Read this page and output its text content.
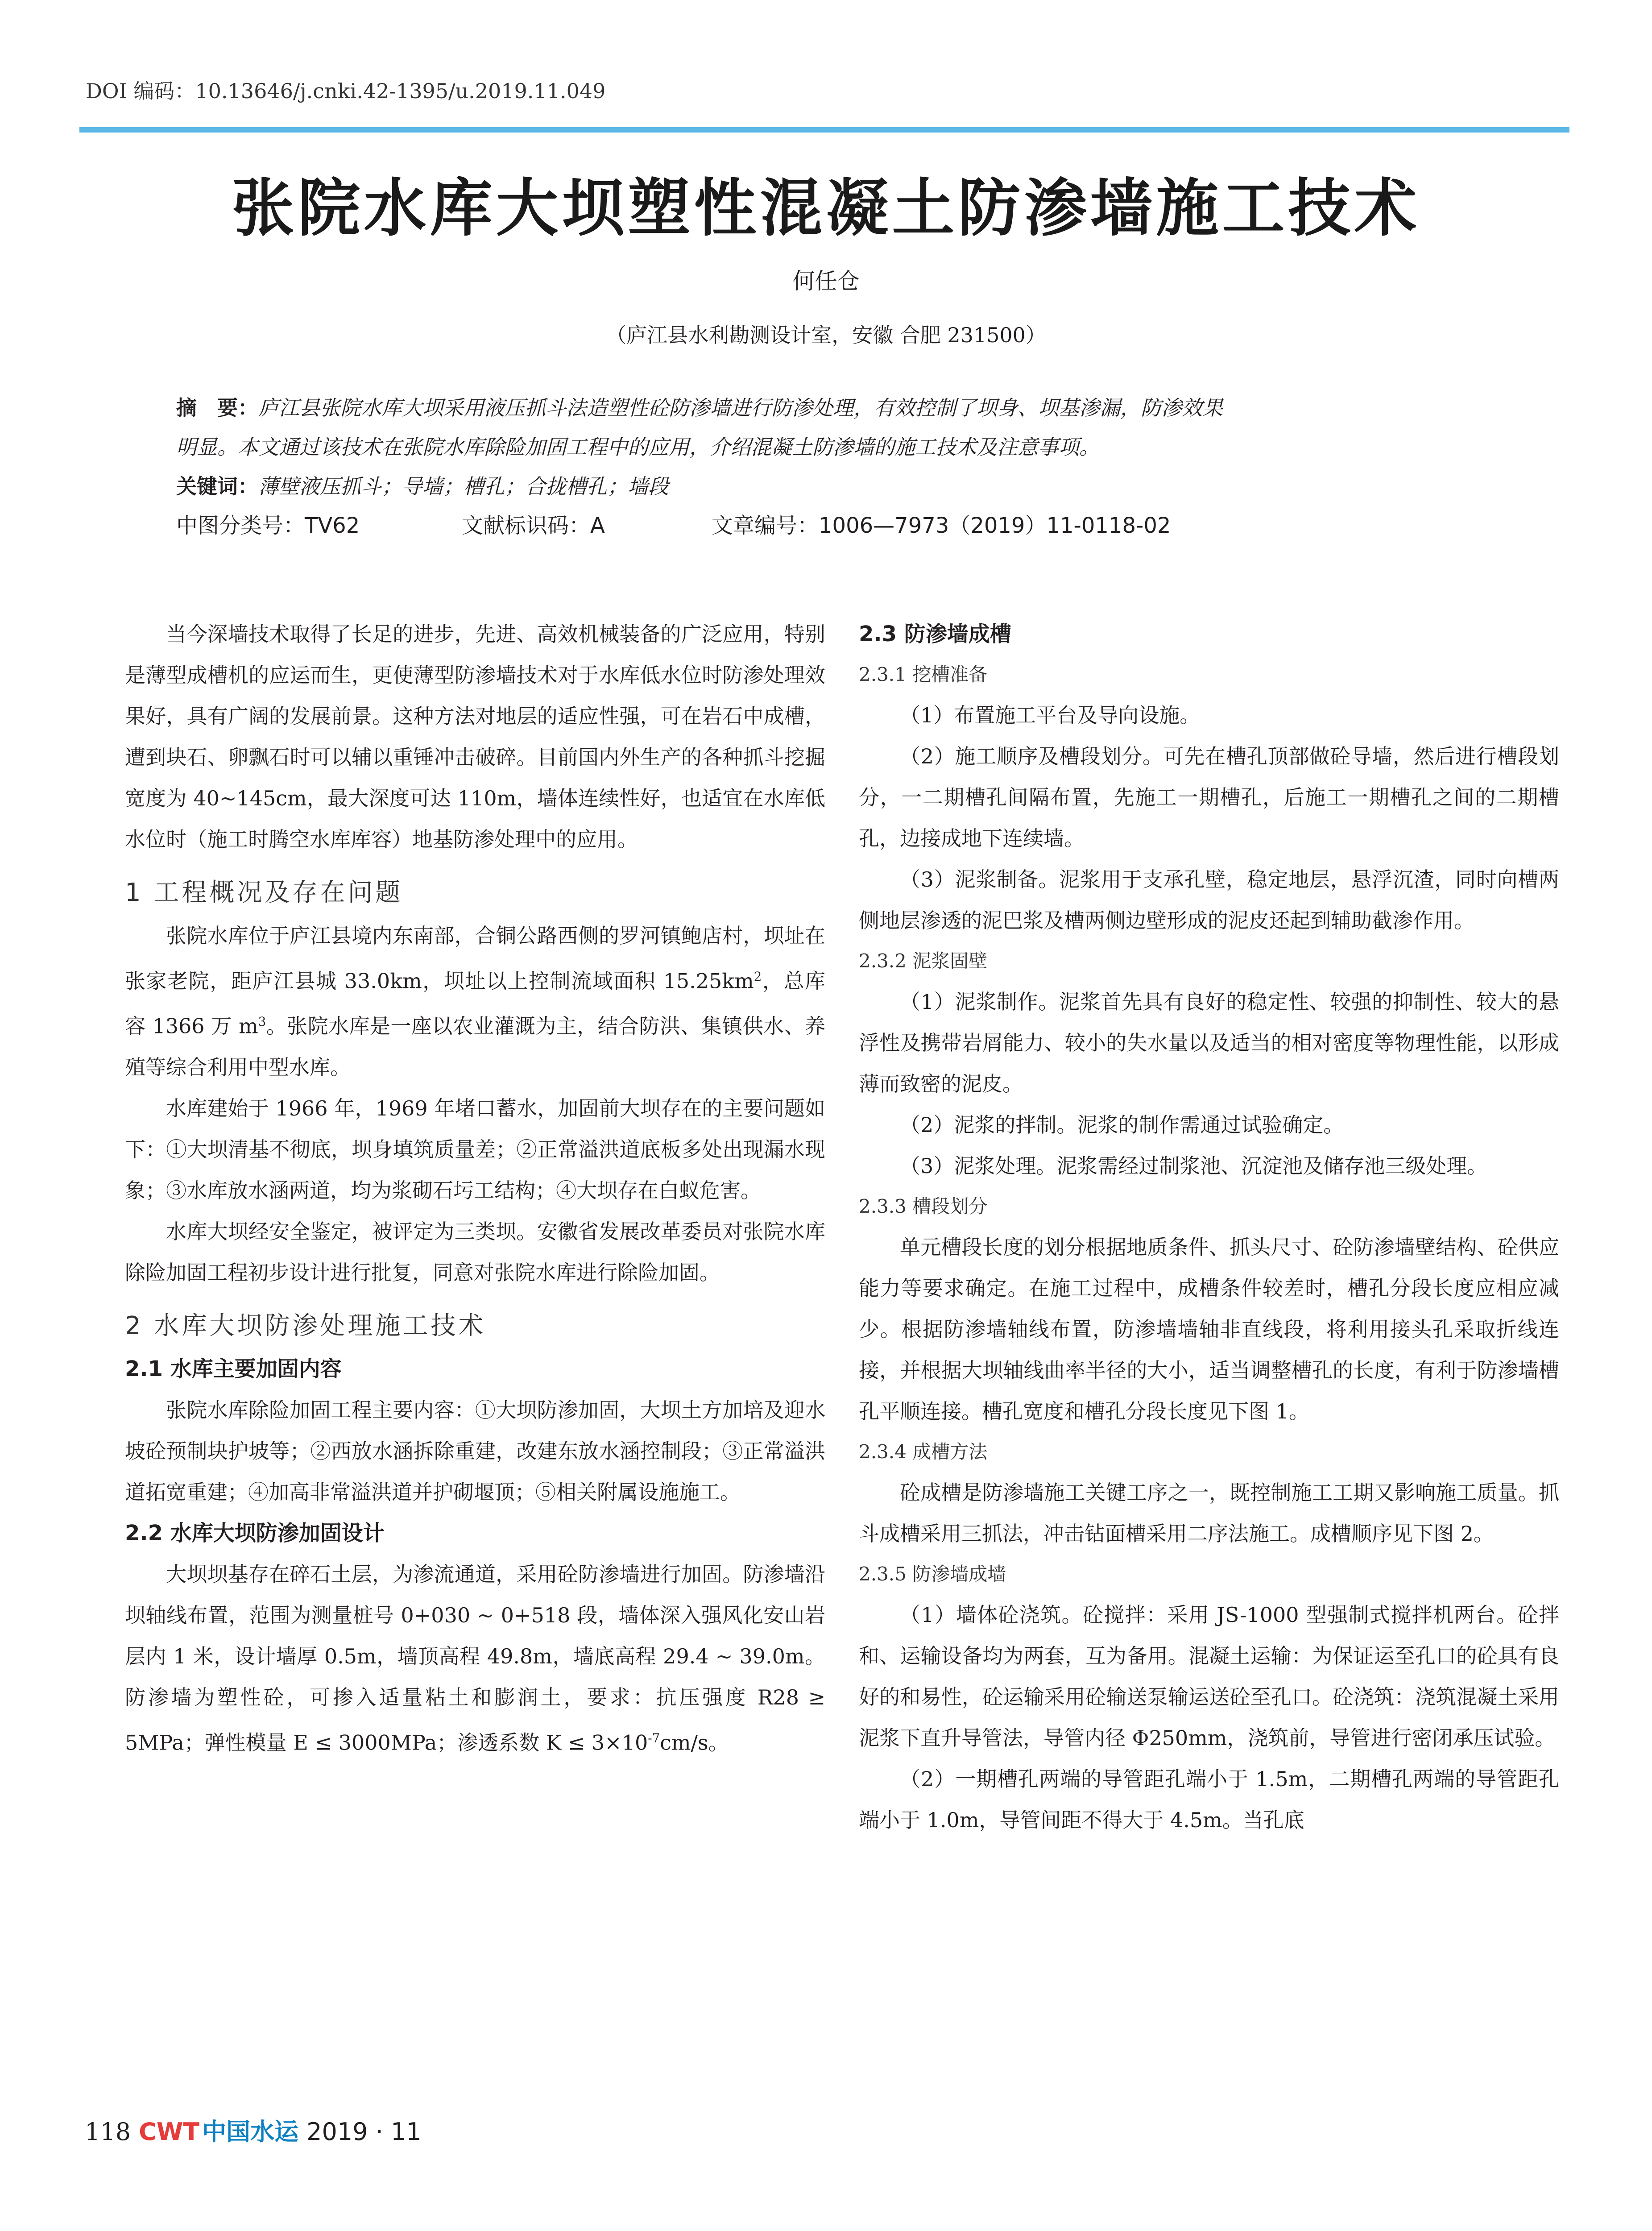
DOI 编码：10.13646/j.cnki.42-1395/u.2019.11.049
张院水库大坝塑性混凝土防渗墙施工技术
何任仓
（庐江县水利勘测设计室，安徽 合肥 231500）

摘　要：庐江县张院水库大坝采用液压抓斗法造塑性砼防渗墙进行防渗处理，有效控制了坝身、坝基渗漏，防渗效果
明显。本文通过该技术在张院水库除险加固工程中的应用，介绍混凝土防渗墙的施工技术及注意事项。

关键词：薄壁液压抓斗；导墙；槽孔；合拢槽孔；墙段

中图分类号：TV62	文献标识码：A	文章编号：1006—7973（2019）11-0118-02

当今深墙技术取得了长足的进步，先进、高效机械装备的广泛应用，特别是薄型成槽机的应运而生，更使薄型防渗墙技术对于水库低水位时防渗处理效果好，具有广阔的发展前景。这种方法对地层的适应性强，可在岩石中成槽，遭到块石、卵飘石时可以辅以重锤冲击破碎。目前国内外生产的各种抓斗挖掘宽度为 40~145cm，最大深度可达 110m，墙体连续性好，也适宜在水库低水位时（施工时腾空水库库容）地基防渗处理中的应用。

1 工程概况及存在问题

张院水库位于庐江县境内东南部，合铜公路西侧的罗河镇鲍店村，坝址在张家老院，距庐江县城 33.0km，坝址以上控制流域面积 $15.25km^2$，总库容 1366 万 $m^3$。张院水库是一座以农业灌溉为主，结合防洪、集镇供水、养殖等综合利用中型水库。

水库建始于 1966 年，1969 年堵口蓄水，加固前大坝存在的主要问题如下：①大坝清基不彻底，坝身填筑质量差；②正常溢洪道底板多处出现漏水现象；③水库放水涵两道，均为浆砌石圬工结构；④大坝存在白蚁危害。

水库大坝经安全鉴定，被评定为三类坝。安徽省发展改革委员对张院水库除险加固工程初步设计进行批复，同意对张院水库进行除险加固。

2 水库大坝防渗处理施工技术
2.1 水库主要加固内容

张院水库除险加固工程主要内容：①大坝防渗加固，大坝土方加培及迎水坡砼预制块护坡等；②西放水涵拆除重建，改建东放水涵控制段；③正常溢洪道拓宽重建；④加高非常溢洪道并护砌堰顶；⑤相关附属设施施工。

2.2 水库大坝防渗加固设计

大坝坝基存在碎石土层，为渗流通道，采用砼防渗墙进行加固。防渗墙沿坝轴线布置，范围为测量桩号 0+030 ~ 0+518 段，墙体深入强风化安山岩层内 1 米，设计墙厚 0.5m，墙顶高程 49.8m，墙底高程 29.4 ~ 39.0m。防渗墙为塑性砼，可掺入适量粘土和膨润土，要求：抗压强度 R28 ≥ 5MPa；弹性模量 E ≤ 3000MPa；渗透系数 $K \le 3\times 10^{-7}cm/s$。

2.3 防渗墙成槽
2.3.1 挖槽准备

（1）布置施工平台及导向设施。

（2）施工顺序及槽段划分。可先在槽孔顶部做砼导墙，然后进行槽段划分，一二期槽孔间隔布置，先施工一期槽孔，后施工一期槽孔之间的二期槽孔，边接成地下连续墙。

（3）泥浆制备。泥浆用于支承孔壁，稳定地层，悬浮沉渣，同时向槽两侧地层渗透的泥巴浆及槽两侧边壁形成的泥皮还起到辅助截渗作用。

2.3.2 泥浆固壁

（1）泥浆制作。泥浆首先具有良好的稳定性、较强的抑制性、较大的悬浮性及携带岩屑能力、较小的失水量以及适当的相对密度等物理性能，以形成薄而致密的泥皮。

（2）泥浆的拌制。泥浆的制作需通过试验确定。

（3）泥浆处理。泥浆需经过制浆池、沉淀池及储存池三级处理。

2.3.3 槽段划分

单元槽段长度的划分根据地质条件、抓头尺寸、砼防渗墙壁结构、砼供应能力等要求确定。在施工过程中，成槽条件较差时，槽孔分段长度应相应减少。根据防渗墙轴线布置，防渗墙墙轴非直线段，将利用接头孔采取折线连接，并根据大坝轴线曲率半径的大小，适当调整槽孔的长度，有利于防渗墙槽孔平顺连接。槽孔宽度和槽孔分段长度见下图 1。

2.3.4 成槽方法

砼成槽是防渗墙施工关键工序之一，既控制施工工期又影响施工质量。抓斗成槽采用三抓法，冲击钻面槽采用二序法施工。成槽顺序见下图 2。

2.3.5 防渗墙成墙

（1）墙体砼浇筑。砼搅拌：采用 JS-1000 型强制式搅拌机两台。砼拌和、运输设备均为两套，互为备用。混凝土运输：为保证运至孔口的砼具有良好的和易性，砼运输采用砼输送泵输运送砼至孔口。砼浇筑：浇筑混凝土采用泥浆下直升导管法，导管内径 Φ250mm，浇筑前，导管进行密闭承压试验。

（2）一期槽孔两端的导管距孔端小于 1.5m，二期槽孔两端的导管距孔端小于 1.0m，导管间距不得大于 4.5m。当孔底

118 CWT 中国水运 2019 · 11
